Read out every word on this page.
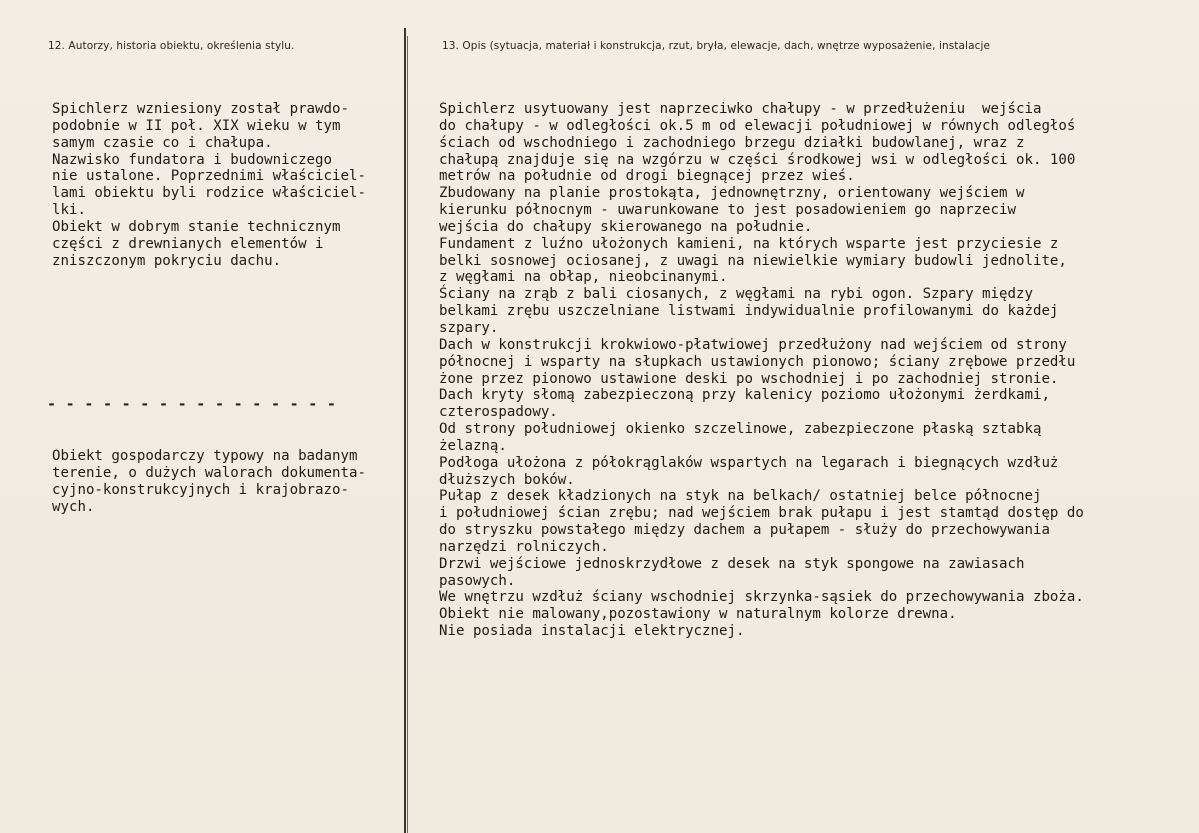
12. Autorzy, historia obiektu, określenia stylu.	13. Opis (sytuacja, materiał i konstrukcja, rzut, bryła, elewacje, dach, wnętrze wyposażenie, instalacje
Spichlerz wzniesiony został prawdo-
podobnie w II poł. XIX wieku w tym
samym czasie co i chałupa.
Nazwisko fundatora i budowniczego
nie ustalone. Poprzednimi właściciel-
lami obiektu byli rodzice właściciel-
lki.
Obiekt w dobrym stanie technicznym
części z drewnianych elementów i
zniszczonym pokryciu dachu.
- - - - - - - - - - - - - - - -
Obiekt gospodarczy typowy na badanym
terenie, o dużych walorach dokumenta-
cyjno-konstrukcyjnych i krajobrazo-
wych.
Spichlerz usytuowany jest naprzeciwko chałupy - w przedłużeniu  wejścia
do chałupy - w odległości ok.5 m od elewacji południowej w równych odległoś
ściach od wschodniego i zachodniego brzegu działki budowlanej, wraz z
chałupą znajduje się na wzgórzu w części środkowej wsi w odległości ok. 100
metrów na południe od drogi biegnącej przez wieś.
Zbudowany na planie prostokąta, jednownętrzny, orientowany wejściem w
kierunku północnym - uwarunkowane to jest posadowieniem go naprzeciw
wejścia do chałupy skierowanego na południe.
Fundament z luźno ułożonych kamieni, na których wsparte jest przyciesie z
belki sosnowej ociosanej, z uwagi na niewielkie wymiary budowli jednolite,
z węgłami na obłap, nieobcinanymi.
Ściany na zrąb z bali ciosanych, z węgłami na rybi ogon. Szpary między
belkami zrębu uszczelniane listwami indywidualnie profilowanymi do każdej
szpary.
Dach w konstrukcji krokwiowo-płatwiowej przedłużony nad wejściem od strony
północnej i wsparty na słupkach ustawionych pionowo; ściany zrębowe przedłu
żone przez pionowo ustawione deski po wschodniej i po zachodniej stronie.
Dach kryty słomą zabezpieczoną przy kalenicy poziomo ułożonymi żerdkami,
czterospadowy.
Od strony południowej okienko szczelinowe, zabezpieczone płaską sztabką
żelazną.
Podłoga ułożona z półokrąglaków wspartych na legarach i biegnących wzdłuż
dłuższych boków.
Pułap z desek kładzionych na styk na belkach/ ostatniej belce północnej
i południowej ścian zrębu; nad wejściem brak pułapu i jest stamtąd dostęp do
do stryszku powstałego między dachem a pułapem - służy do przechowywania
narzędzi rolniczych.
Drzwi wejściowe jednoskrzydłowe z desek na styk spongowe na zawiasach
pasowych.
We wnętrzu wzdłuż ściany wschodniej skrzynka-sąsiek do przechowywania zboża.
Obiekt nie malowany,pozostawiony w naturalnym kolorze drewna.
Nie posiada instalacji elektrycznej.
